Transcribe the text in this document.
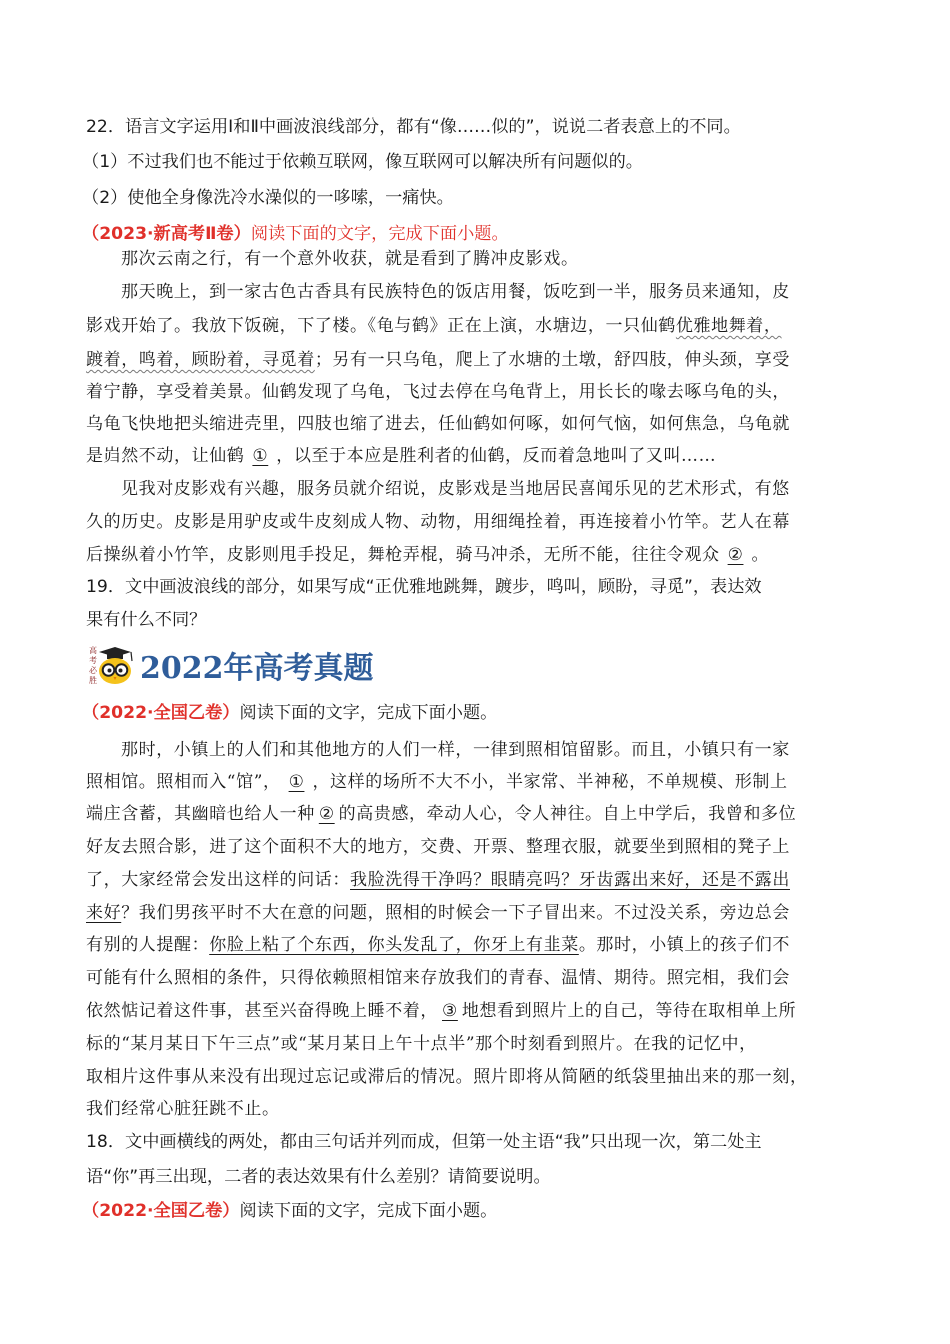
22．语言文字运用Ⅰ和Ⅱ中画波浪线部分，都有“像……似的”，说说二者表意上的不同。
（1）不过我们也不能过于依赖互联网，像互联网可以解决所有问题似的。
（2）使他全身像洗冷水澡似的一哆嗦，一痛快。
（2023·新高考Ⅱ卷）阅读下面的文字，完成下面小题。
那次云南之行，有一个意外收获，就是看到了腾冲皮影戏。
那天晚上，到一家古色古香具有民族特色的饭店用餐，饭吃到一半，服务员来通知，皮
影戏开始了。我放下饭碗，下了楼。《龟与鹤》正在上演，水塘边，一只仙鹤优雅地舞着，
踱着，鸣着，顾盼着，寻觅着；另有一只乌龟，爬上了水塘的土墩，舒四肢，伸头颈，享受
着宁静，享受着美景。仙鹤发现了乌龟，飞过去停在乌龟背上，用长长的喙去啄乌龟的头，
乌龟飞快地把头缩进壳里，四肢也缩了进去，任仙鹤如何啄，如何气恼，如何焦急，乌龟就
是岿然不动，让仙鹤 ① ，以至于本应是胜利者的仙鹤，反而着急地叫了又叫……
见我对皮影戏有兴趣，服务员就介绍说，皮影戏是当地居民喜闻乐见的艺术形式，有悠
久的历史。皮影是用驴皮或牛皮刻成人物、动物，用细绳拴着，再连接着小竹竿。艺人在幕
后操纵着小竹竿，皮影则甩手投足，舞枪弄棍，骑马冲杀，无所不能，往往令观众 ② 。
19．文中画波浪线的部分，如果写成“正优雅地跳舞，踱步，鸣叫，顾盼，寻觅”，表达效
果有什么不同？
高
考
必
胜 2022年高考真题
（2022·全国乙卷）阅读下面的文字，完成下面小题。
那时，小镇上的人们和其他地方的人们一样，一律到照相馆留影。而且，小镇只有一家
照相馆。照相而入“馆”， ① ，这样的场所不大不小，半家常、半神秘，不单规模、形制上
端庄含蓄，其幽暗也给人一种 ② 的高贵感，牵动人心，令人神往。自上中学后，我曾和多位
好友去照合影，进了这个面积不大的地方，交费、开票、整理衣服，就要坐到照相的凳子上
了，大家经常会发出这样的问话：我脸洗得干净吗？眼睛亮吗？牙齿露出来好，还是不露出
来好？我们男孩平时不大在意的问题，照相的时候会一下子冒出来。不过没关系，旁边总会
有别的人提醒：你脸上粘了个东西，你头发乱了，你牙上有韭菜。那时，小镇上的孩子们不
可能有什么照相的条件，只得依赖照相馆来存放我们的青春、温情、期待。照完相，我们会
依然惦记着这件事，甚至兴奋得晚上睡不着， ③ 地想看到照片上的自己，等待在取相单上所
标的“某月某日下午三点”或“某月某日上午十点半”那个时刻看到照片。在我的记忆中，
取相片这件事从来没有出现过忘记或滞后的情况。照片即将从简陋的纸袋里抽出来的那一刻，
我们经常心脏狂跳不止。
18．文中画横线的两处，都由三句话并列而成，但第一处主语“我”只出现一次，第二处主
语“你”再三出现，二者的表达效果有什么差别？请简要说明。
（2022·全国乙卷）阅读下面的文字，完成下面小题。
